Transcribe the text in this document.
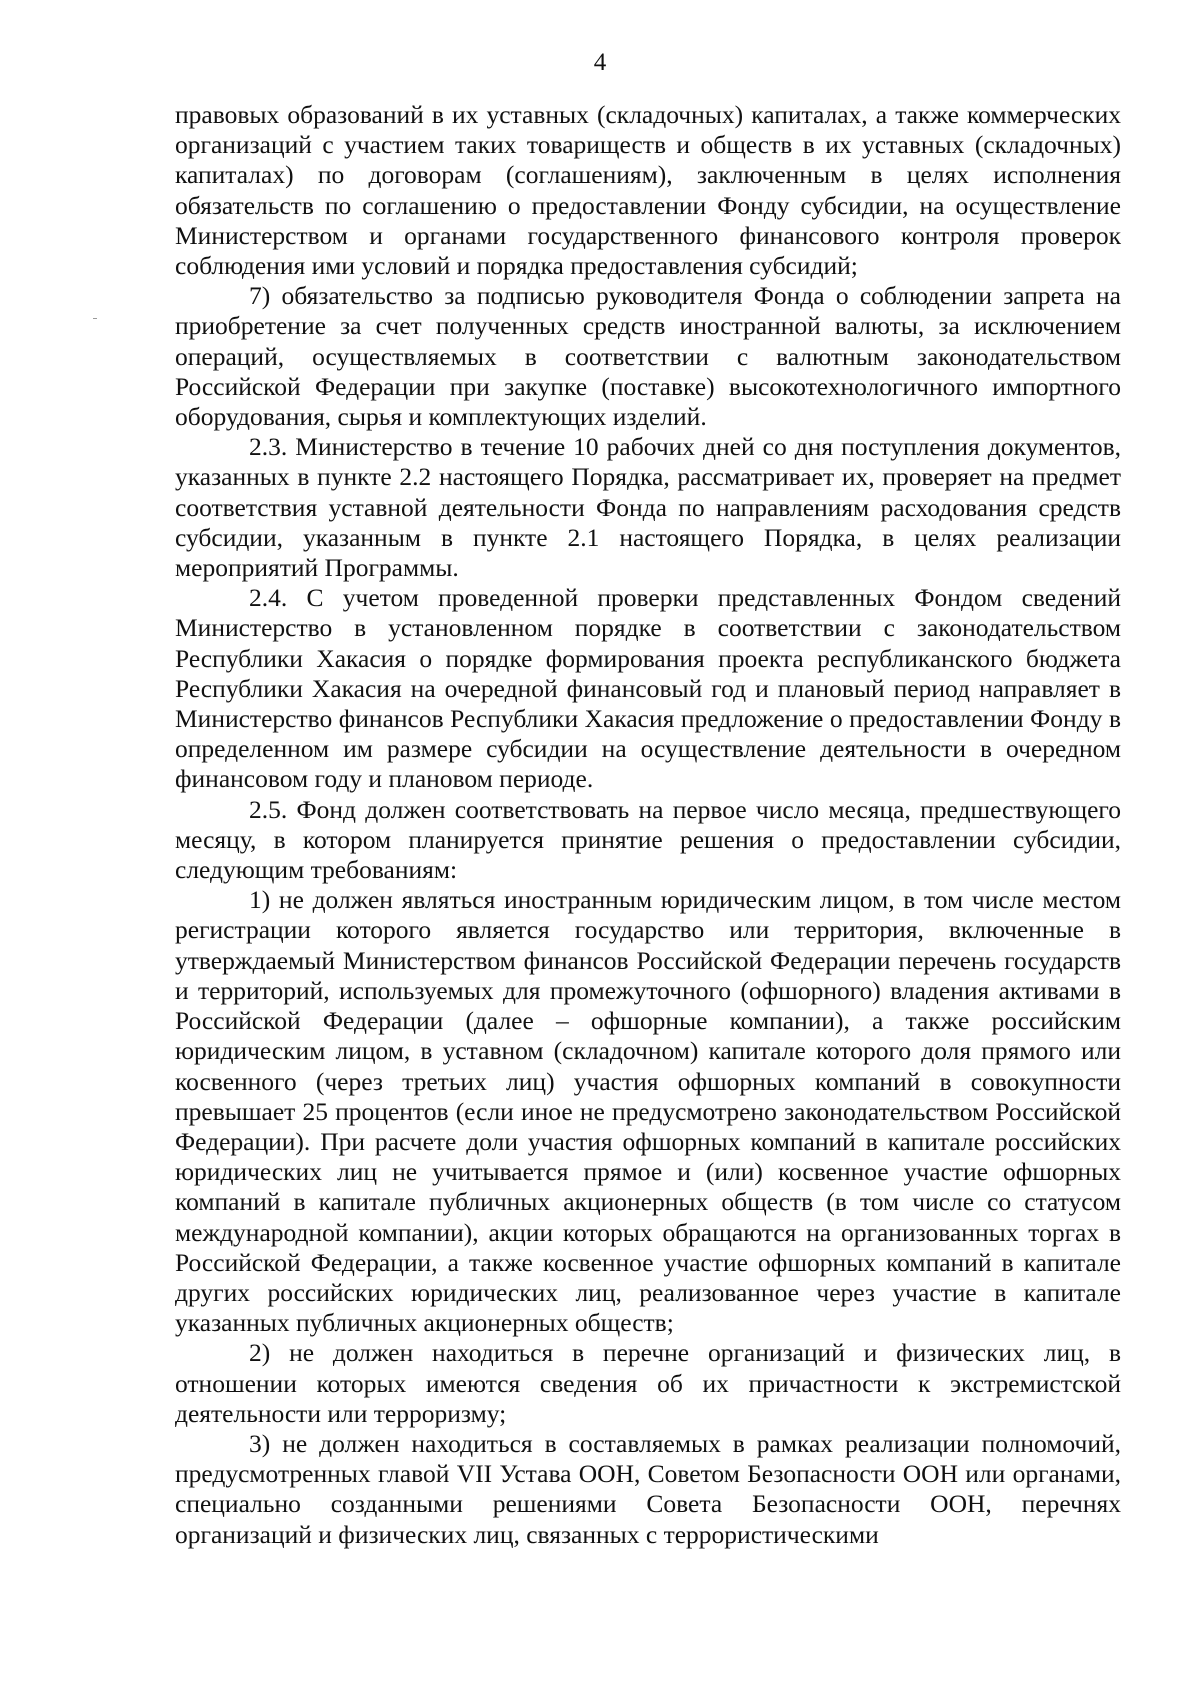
4

правовых образований в их уставных (складочных) капиталах, а также коммерческих организаций с участием таких товариществ и обществ в их уставных (складочных) капиталах) по договорам (соглашениям), заключенным в целях исполнения обязательств по соглашению о предоставлении Фонду субсидии, на осуществление Министерством и органами государственного финансового контроля проверок соблюдения ими условий и порядка предоставления субсидий;

7) обязательство за подписью руководителя Фонда о соблюдении запрета на приобретение за счет полученных средств иностранной валюты, за исключением операций, осуществляемых в соответствии с валютным законодательством Российской Федерации при закупке (поставке) высокотехнологичного импортного оборудования, сырья и комплектующих изделий.

2.3. Министерство в течение 10 рабочих дней со дня поступления документов, указанных в пункте 2.2 настоящего Порядка, рассматривает их, проверяет на предмет соответствия уставной деятельности Фонда по направлениям расходования средств субсидии, указанным в пункте 2.1 настоящего Порядка, в целях реализации мероприятий Программы.

2.4. С учетом проведенной проверки представленных Фондом сведений Министерство в установленном порядке в соответствии с законодательством Республики Хакасия о порядке формирования проекта республиканского бюджета Республики Хакасия на очередной финансовый год и плановый период направляет в Министерство финансов Республики Хакасия предложение о предоставлении Фонду в определенном им размере субсидии на осуществление деятельности в очередном финансовом году и плановом периоде.

2.5. Фонд должен соответствовать на первое число месяца, предшествующего месяцу, в котором планируется принятие решения о предоставлении субсидии, следующим требованиям:

1) не должен являться иностранным юридическим лицом, в том числе местом регистрации которого является государство или территория, включенные в утверждаемый Министерством финансов Российской Федерации перечень государств и территорий, используемых для промежуточного (офшорного) владения активами в Российской Федерации (далее – офшорные компании), а также российским юридическим лицом, в уставном (складочном) капитале которого доля прямого или косвенного (через третьих лиц) участия офшорных компаний в совокупности превышает 25 процентов (если иное не предусмотрено законодательством Российской Федерации). При расчете доли участия офшорных компаний в капитале российских юридических лиц не учитывается прямое и (или) косвенное участие офшорных компаний в капитале публичных акционерных обществ (в том числе со статусом международной компании), акции которых обращаются на организованных торгах в Российской Федерации, а также косвенное участие офшорных компаний в капитале других российских юридических лиц, реализованное через участие в капитале указанных публичных акционерных обществ;

2) не должен находиться в перечне организаций и физических лиц, в отношении которых имеются сведения об их причастности к экстремистской деятельности или терроризму;

3) не должен находиться в составляемых в рамках реализации полномочий, предусмотренных главой VII Устава ООН, Советом Безопасности ООН или органами, специально созданными решениями Совета Безопасности ООН, перечнях организаций и физических лиц, связанных с террористическими
